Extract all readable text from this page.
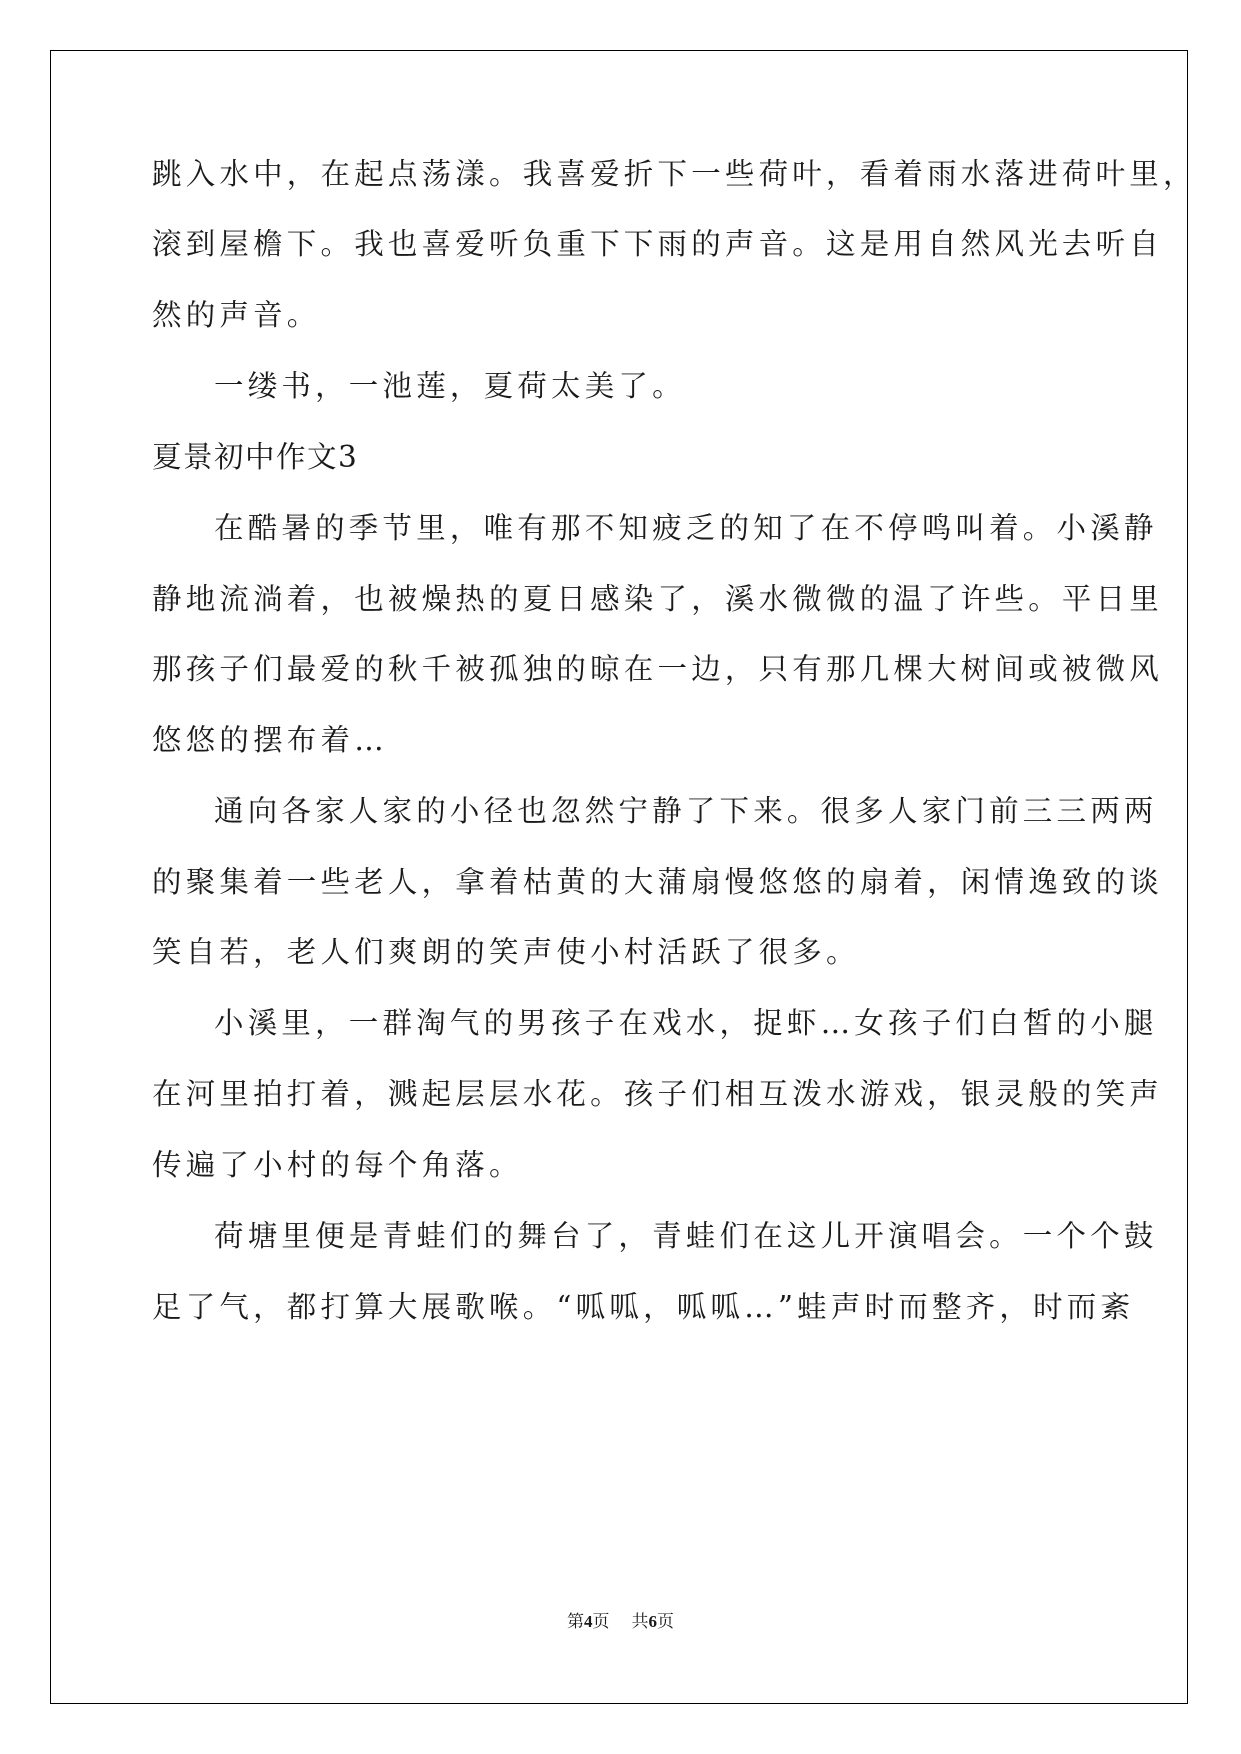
跳入水中，在起点荡漾。我喜爱折下一些荷叶，看着雨水落进荷叶里，
滚到屋檐下。我也喜爱听负重下下雨的声音。这是用自然风光去听自
然的声音。
一缕书，一池莲，夏荷太美了。
夏景初中作文3
在酷暑的季节里，唯有那不知疲乏的知了在不停鸣叫着。小溪静
静地流淌着，也被燥热的夏日感染了，溪水微微的温了许些。平日里
那孩子们最爱的秋千被孤独的晾在一边，只有那几棵大树间或被微风
悠悠的摆布着…
通向各家人家的小径也忽然宁静了下来。很多人家门前三三两两
的聚集着一些老人，拿着枯黄的大蒲扇慢悠悠的扇着，闲情逸致的谈
笑自若，老人们爽朗的笑声使小村活跃了很多。
小溪里，一群淘气的男孩子在戏水，捉虾…女孩子们白皙的小腿
在河里拍打着，溅起层层水花。孩子们相互泼水游戏，银灵般的笑声
传遍了小村的每个角落。
荷塘里便是青蛙们的舞台了，青蛙们在这儿开演唱会。一个个鼓
足了气，都打算大展歌喉。“呱呱，呱呱…”蛙声时而整齐，时而紊
第4页 共6页
